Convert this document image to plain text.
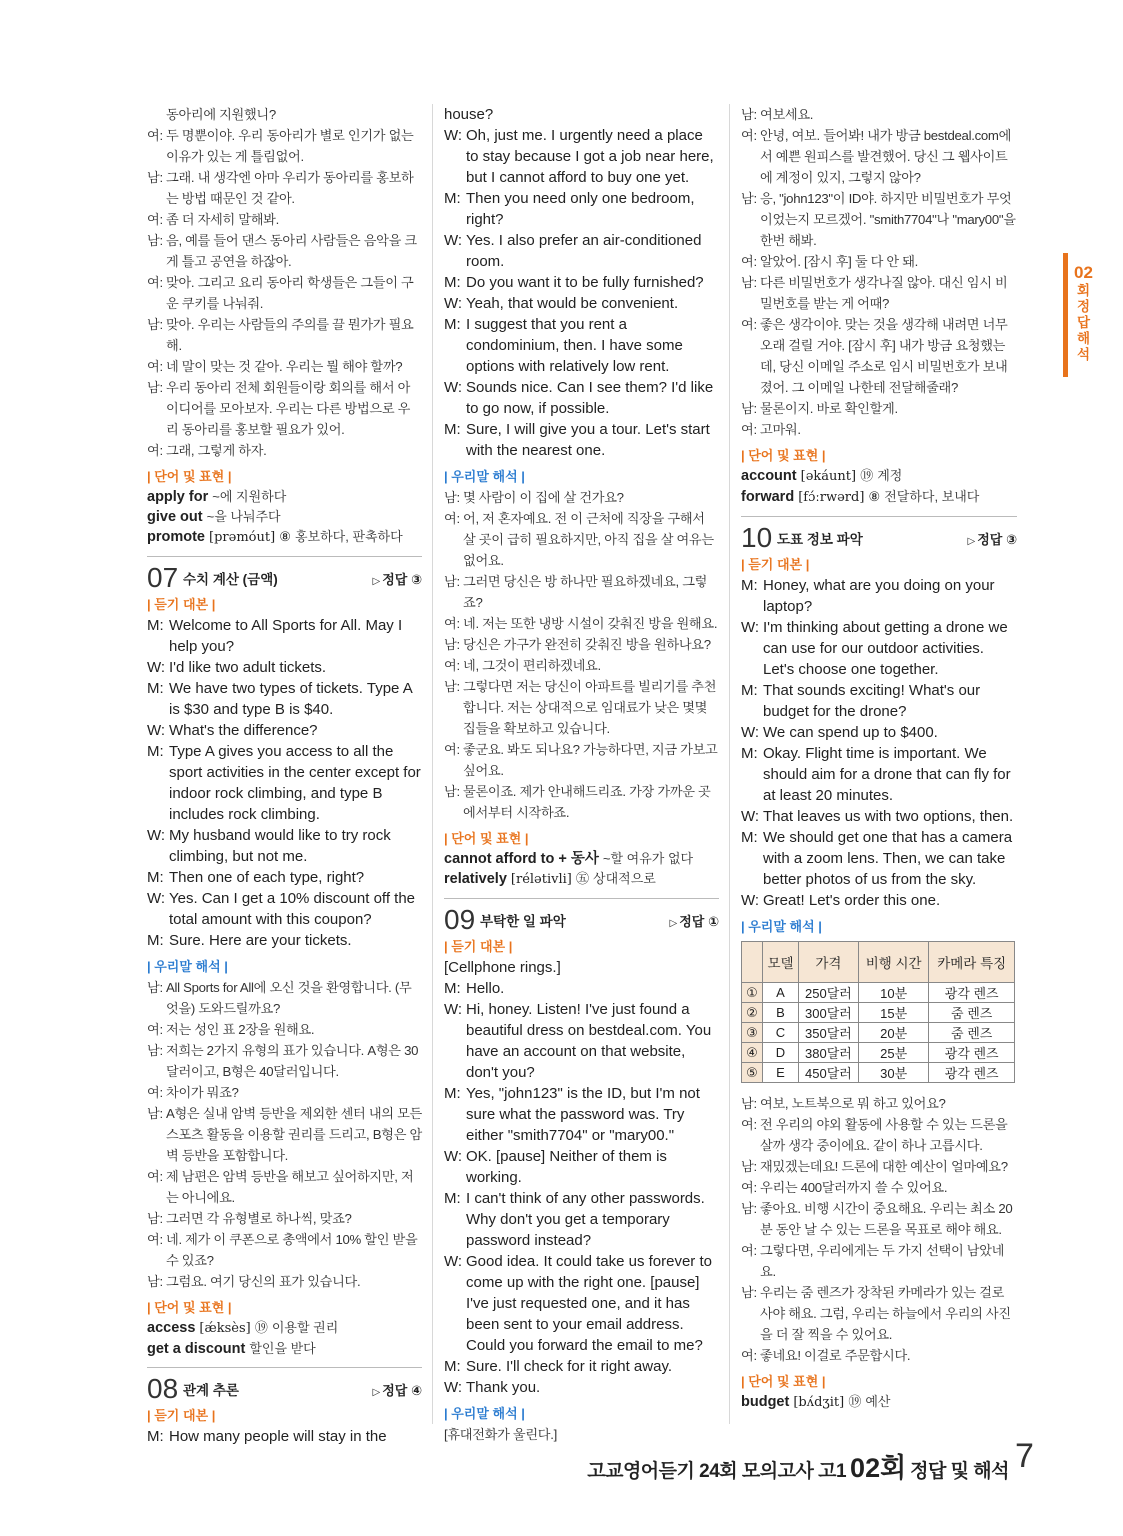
동아리에 지원했니?
여: 두 명뿐이야. 우리 동아리가 별로 인기가 없는 이유가 있는 게 틀림없어.
남: 그래. 내 생각엔 아마 우리가 동아리를 홍보하는 방법 때문인 것 같아.
여: 좀 더 자세히 말해봐.
남: 음, 예를 들어 댄스 동아리 사람들은 음악을 크게 틀고 공연을 하잖아.
여: 맞아. 그리고 요리 동아리 학생들은 그들이 구운 쿠키를 나눠줘.
남: 맞아. 우리는 사람들의 주의를 끌 뭔가가 필요해.
여: 네 말이 맞는 것 같아. 우리는 뭘 해야 할까?
남: 우리 동아리 전체 회원들이랑 회의를 해서 아이디어를 모아보자. 우리는 다른 방법으로 우리 동아리를 홍보할 필요가 있어.
여: 그래, 그렇게 하자.
| 단어 및 표현 |
apply for ~에 지원하다
give out ~을 나눠주다
promote [prəmóut] ⑧ 홍보하다, 판촉하다
07 수치 계산 (금액)	▷ 정답 ③
| 듣기 대본 |
M: Welcome to All Sports for All. May I help you?
W: I'd like two adult tickets.
M: We have two types of tickets. Type A is $30 and type B is $40.
W: What's the difference?
M: Type A gives you access to all the sport activities in the center except for indoor rock climbing, and type B includes rock climbing.
W: My husband would like to try rock climbing, but not me.
M: Then one of each type, right?
W: Yes. Can I get a 10% discount off the total amount with this coupon?
M: Sure. Here are your tickets.
| 우리말 해석 |
남: All Sports for All에 오신 것을 환영합니다. (무엇을) 도와드릴까요?
여: 저는 성인 표 2장을 원해요.
남: 저희는 2가지 유형의 표가 있습니다. A형은 30달러이고, B형은 40달러입니다.
여: 차이가 뭐죠?
남: A형은 실내 암벽 등반을 제외한 센터 내의 모든 스포츠 활동을 이용할 권리를 드리고, B형은 암벽 등반을 포함합니다.
여: 제 남편은 암벽 등반을 해보고 싶어하지만, 저는 아니에요.
남: 그러면 각 유형별로 하나씩, 맞죠?
여: 네. 제가 이 쿠폰으로 총액에서 10% 할인 받을 수 있죠?
남: 그럼요. 여기 당신의 표가 있습니다.
| 단어 및 표현 |
access [ǽksès] ⑲ 이용할 권리
get a discount 할인을 받다
08 관계 추론	▷ 정답 ④
| 듣기 대본 |
M: How many people will stay in the
house?
W: Oh, just me. I urgently need a place to stay because I got a job near here, but I cannot afford to buy one yet.
M: Then you need only one bedroom, right?
W: Yes. I also prefer an air-conditioned room.
M: Do you want it to be fully furnished?
W: Yeah, that would be convenient.
M: I suggest that you rent a condominium, then. I have some options with relatively low rent.
W: Sounds nice. Can I see them? I'd like to go now, if possible.
M: Sure, I will give you a tour. Let's start with the nearest one.
| 우리말 해석 |
남: 몇 사람이 이 집에 살 건가요?
여: 어, 저 혼자예요. 전 이 근처에 직장을 구해서 살 곳이 급히 필요하지만, 아직 집을 살 여유는 없어요.
남: 그러면 당신은 방 하나만 필요하겠네요, 그렇죠?
여: 네. 저는 또한 냉방 시설이 갖춰진 방을 원해요.
남: 당신은 가구가 완전히 갖춰진 방을 원하나요?
여: 네, 그것이 편리하겠네요.
남: 그렇다면 저는 당신이 아파트를 빌리기를 추천합니다. 저는 상대적으로 임대료가 낮은 몇몇 집들을 확보하고 있습니다.
여: 좋군요. 봐도 되나요? 가능하다면, 지금 가보고 싶어요.
남: 물론이죠. 제가 안내해드리죠. 가장 가까운 곳에서부터 시작하죠.
| 단어 및 표현 |
cannot afford to + 동사 ~할 여유가 없다
relatively [rélətivli] ㊄ 상대적으로
09 부탁한 일 파악	▷ 정답 ①
| 듣기 대본 |
[Cellphone rings.]
M: Hello.
W: Hi, honey. Listen! I've just found a beautiful dress on bestdeal.com. You have an account on that website, don't you?
M: Yes, "john123" is the ID, but I'm not sure what the password was. Try either "smith7704" or "mary00."
W: OK. [pause] Neither of them is working.
M: I can't think of any other passwords. Why don't you get a temporary password instead?
W: Good idea. It could take us forever to come up with the right one. [pause] I've just requested one, and it has been sent to your email address. Could you forward the email to me?
M: Sure. I'll check for it right away.
W: Thank you.
| 우리말 해석 |
[휴대전화가 울린다.]
남: 여보세요.
여: 안녕, 여보. 들어봐! 내가 방금 bestdeal.com에서 예쁜 원피스를 발견했어. 당신 그 웹사이트에 계정이 있지, 그렇지 않아?
남: 응, "john123"이 ID야. 하지만 비밀번호가 무엇이었는지 모르겠어. "smith7704"나 "mary00"을 한번 해봐.
여: 알았어. [잠시 후] 둘 다 안 돼.
남: 다른 비밀번호가 생각나질 않아. 대신 임시 비밀번호를 받는 게 어때?
여: 좋은 생각이야. 맞는 것을 생각해 내려면 너무 오래 걸릴 거야. [잠시 후] 내가 방금 요청했는데, 당신 이메일 주소로 임시 비밀번호가 보내졌어. 그 이메일 나한테 전달해줄래?
남: 물론이지. 바로 확인할게.
여: 고마워.
| 단어 및 표현 |
account [əkáunt] ⑲ 계정
forward [fɔ́ːrwərd] ⑧ 전달하다, 보내다
10 도표 정보 파악	▷ 정답 ③
| 듣기 대본 |
M: Honey, what are you doing on your laptop?
W: I'm thinking about getting a drone we can use for our outdoor activities. Let's choose one together.
M: That sounds exciting! What's our budget for the drone?
W: We can spend up to $400.
M: Okay. Flight time is important. We should aim for a drone that can fly for at least 20 minutes.
W: That leaves us with two options, then.
M: We should get one that has a camera with a zoom lens. Then, we can take better photos of us from the sky.
W: Great! Let's order this one.
| 우리말 해석 |
	모델	가격	비행 시간	카메라 특징
①	A	250달러	10분	광각 렌즈
②	B	300달러	15분	줌 렌즈
③	C	350달러	20분	줌 렌즈
④	D	380달러	25분	광각 렌즈
⑤	E	450달러	30분	광각 렌즈
남: 여보, 노트북으로 뭐 하고 있어요?
여: 전 우리의 야외 활동에 사용할 수 있는 드론을 살까 생각 중이에요. 같이 하나 고릅시다.
남: 재밌겠는데요! 드론에 대한 예산이 얼마예요?
여: 우리는 400달러까지 쓸 수 있어요.
남: 좋아요. 비행 시간이 중요해요. 우리는 최소 20분 동안 날 수 있는 드론을 목표로 해야 해요.
여: 그렇다면, 우리에게는 두 가지 선택이 남았네요.
남: 우리는 줌 렌즈가 장착된 카메라가 있는 걸로 사야 해요. 그럼, 우리는 하늘에서 우리의 사진을 더 잘 찍을 수 있어요.
여: 좋네요! 이걸로 주문합시다.
| 단어 및 표현 |
budget [bʌ́dʒit] ⑲ 예산
02
회 정답 해석
고교영어듣기 24회 모의고사 고1 02회 정답 및 해석 7
